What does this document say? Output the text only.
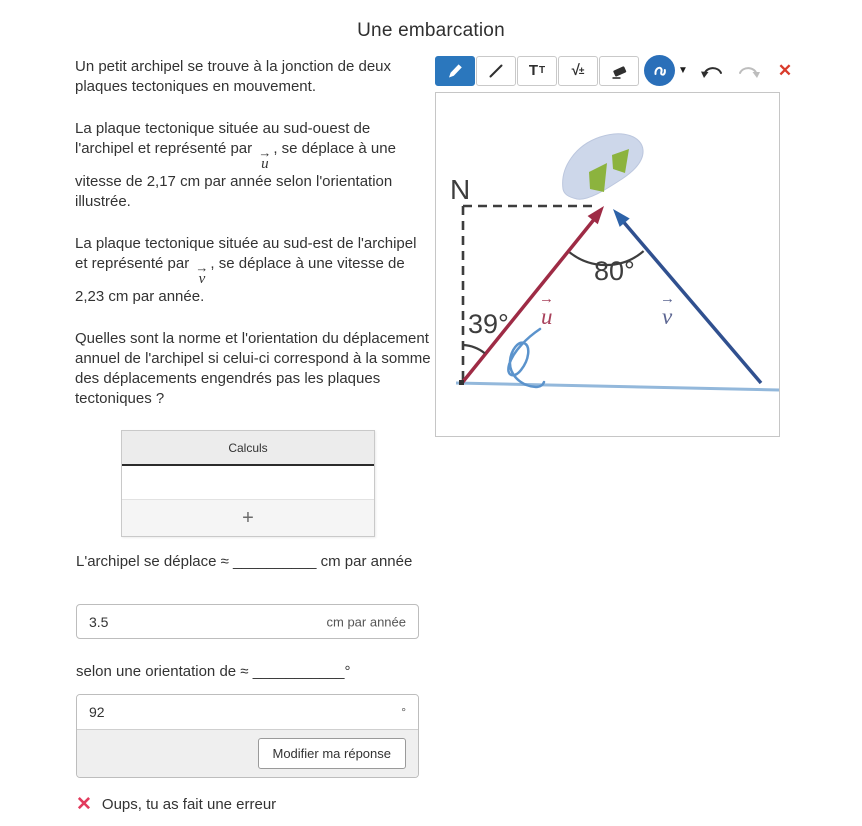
Une embarcation

Un petit archipel se trouve à la jonction de deux plaques tectoniques en mouvement.

La plaque tectonique située au sud-ouest de l'archipel et représenté par →
u
, se déplace à une vitesse de 2,17 cm par année selon l'orientation illustrée.

La plaque tectonique située au sud-est de l'archipel et représenté par →
v
, se déplace à une vitesse de 2,23 cm par année.

Quelles sont la norme et l'orientation du déplacement annuel de l'archipel si celui-ci correspond à la somme des déplacements engendrés pas les plaques tectoniques ?

T T √ ±	▼	✕
N
39°
80°
→
u
→
v
Calculs
+
L'archipel se déplace ≈ __________ cm par année
3.5
cm par année
selon une orientation de ≈ ___________°
92
°
Modifier ma réponse
✕ Oups, tu as fait une erreur
